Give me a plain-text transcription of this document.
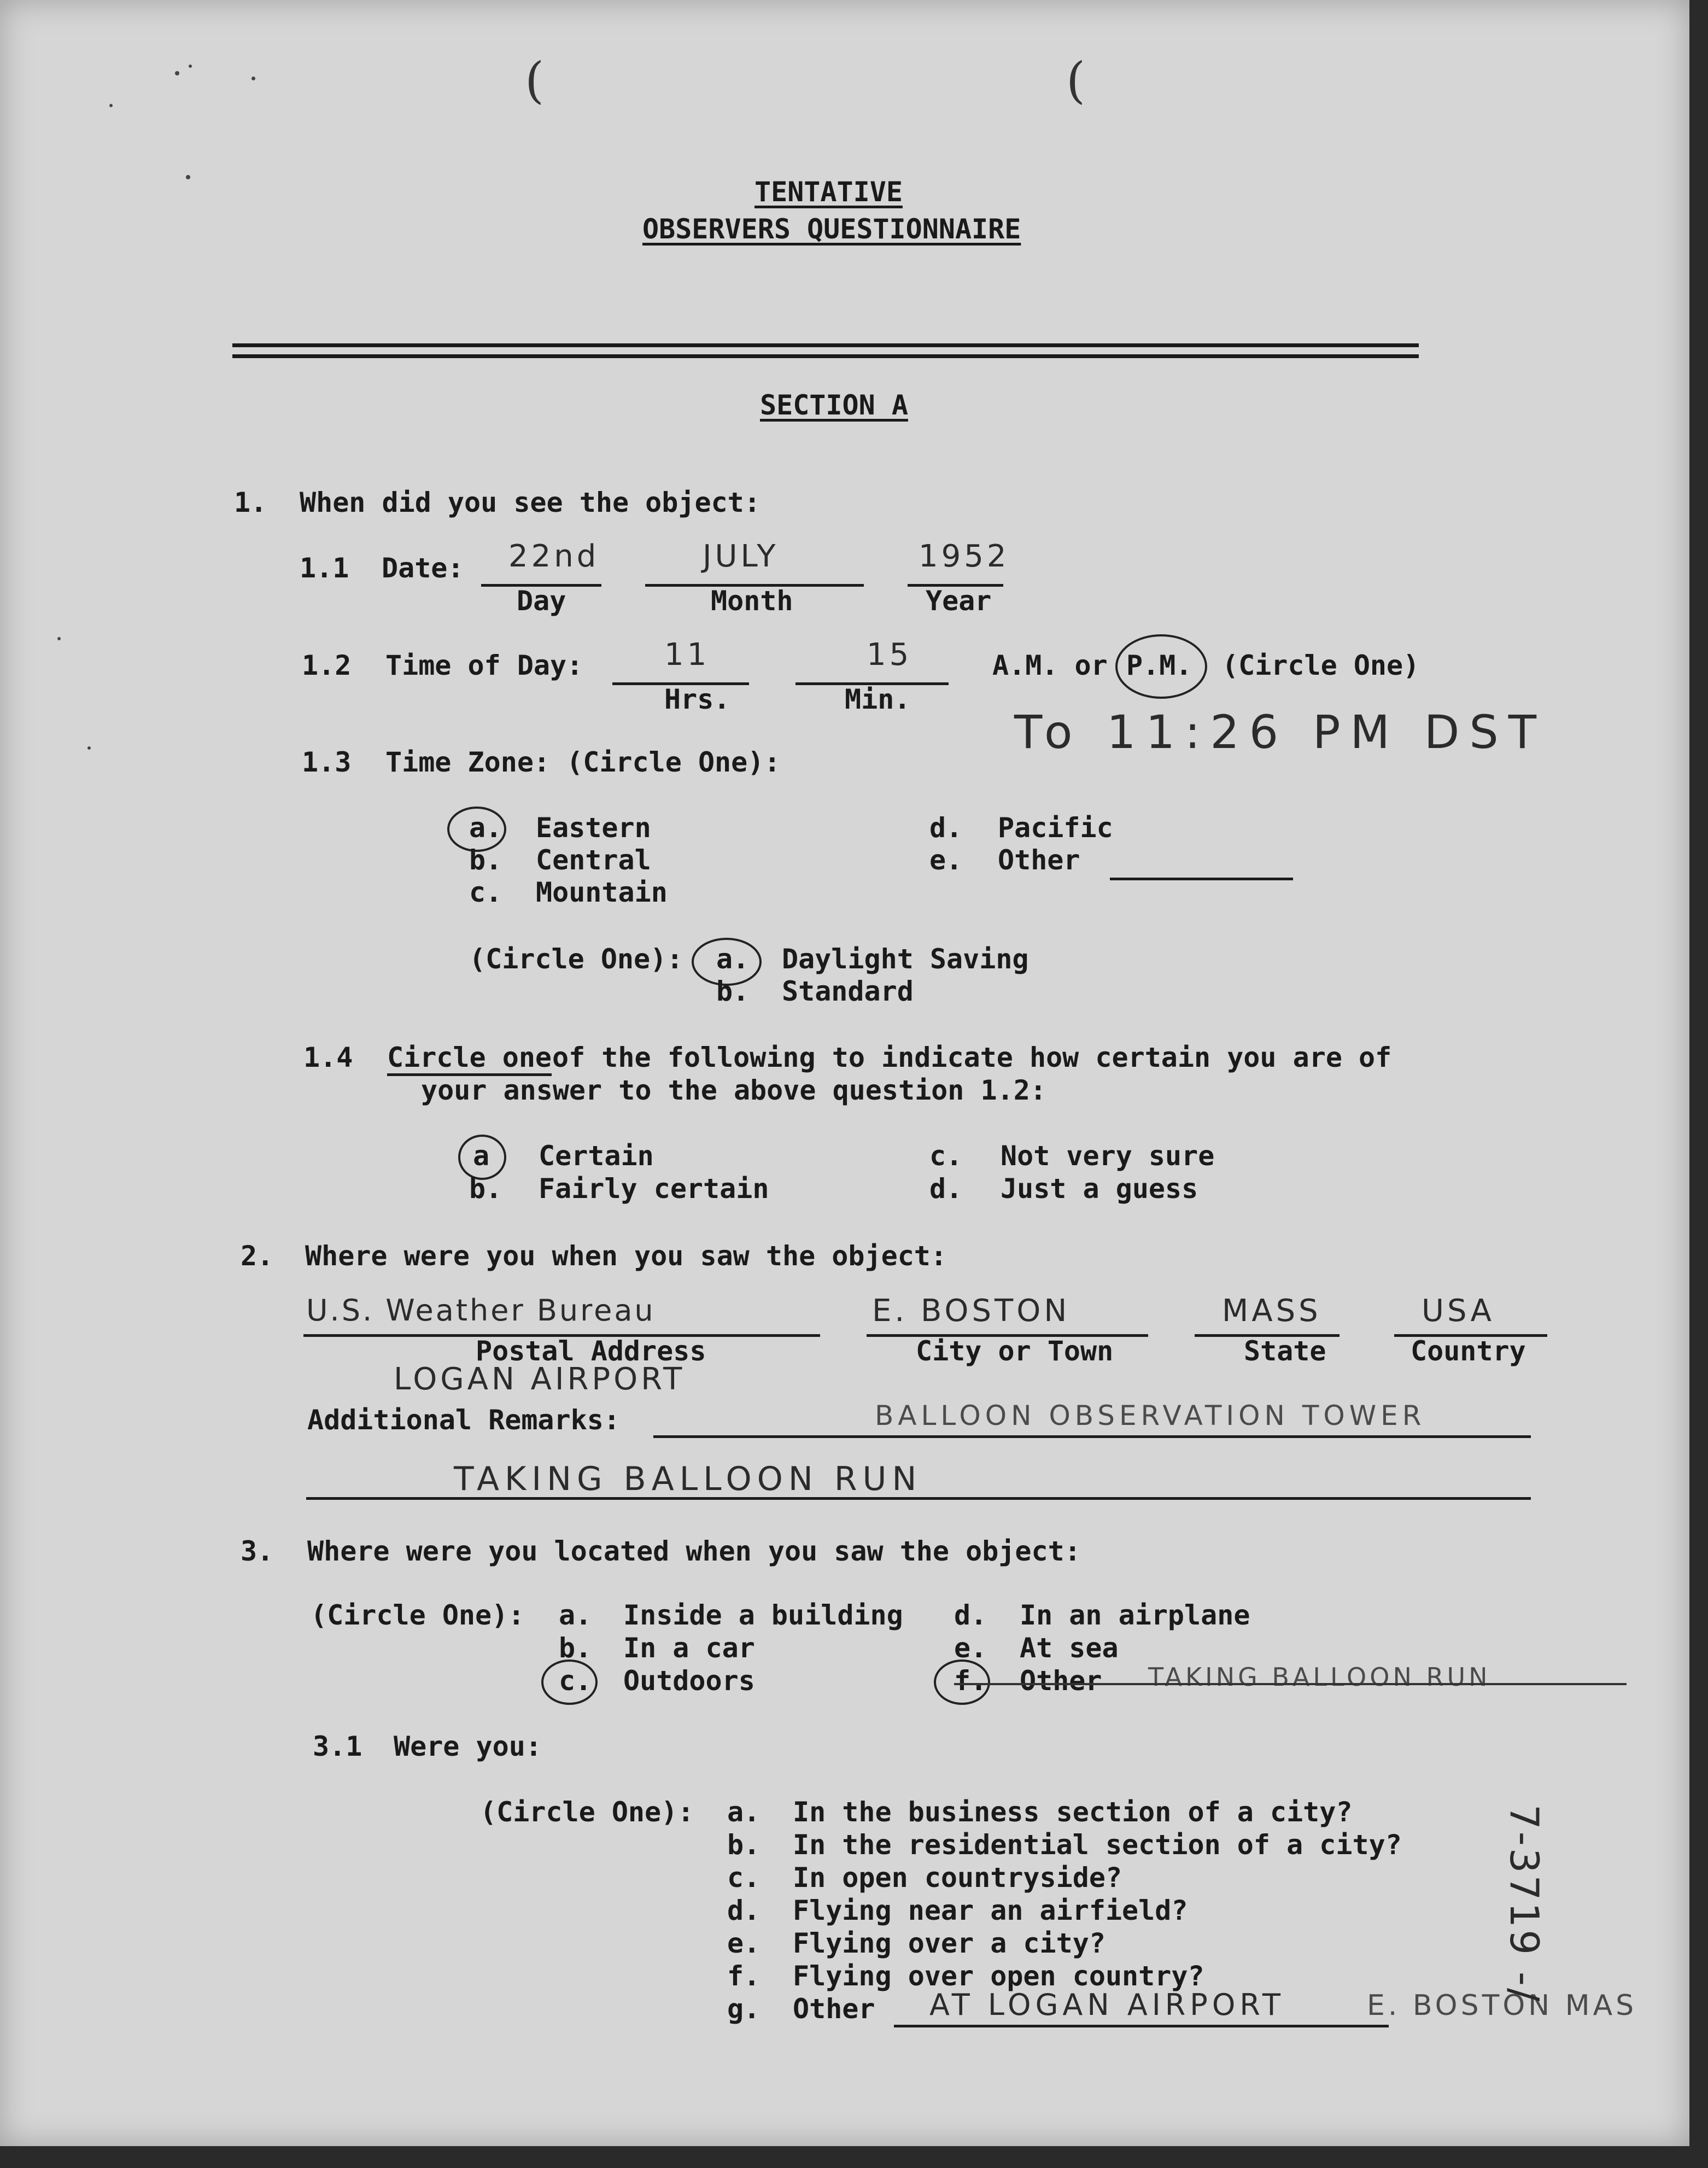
(	(
TENTATIVE
OBSERVERS QUESTIONNAIRE
SECTION A
1. When did you see the object:
1.1 Date: 22nd
Day
JULY
Month
1952
Year
1.2 Time of Day:	11
Hrs.
15
Min.
A.M. or P.M. (Circle One)
To 11:26 PM DST
1.3 Time Zone: (Circle One):
a. Eastern
b. Central
c. Mountain
d. Pacific
e. Other
(Circle One): a. Daylight Saving
b. Standard
1.4 Circle one of the following to indicate how certain you are of
your answer to the above question 1.2:
a Certain
b. Fairly certain
c. Not very sure
d. Just a guess
2. Where were you when you saw the object:
U.S. Weather Bureau
Postal Address
E. BOSTON
City or Town
MASS
State
USA
Country
LOGAN AIRPORT
Additional Remarks:	BALLOON OBSERVATION TOWER
TAKING BALLOON RUN
3. Where were you located when you saw the object:
(Circle One): a. Inside a building
b. In a car
c. Outdoors
d. In an airplane
e. At sea
f. Other TAKING BALLOON RUN
3.1 Were you:
(Circle One): a. In the business section of a city?
b. In the residential section of a city?
c. In open countryside?
d. Flying near an airfield?
e. Flying over a city?
f. Flying over open country?
g. Other AT LOGAN AIRPORT	E. BOSTON MAS
7-3719 -/
